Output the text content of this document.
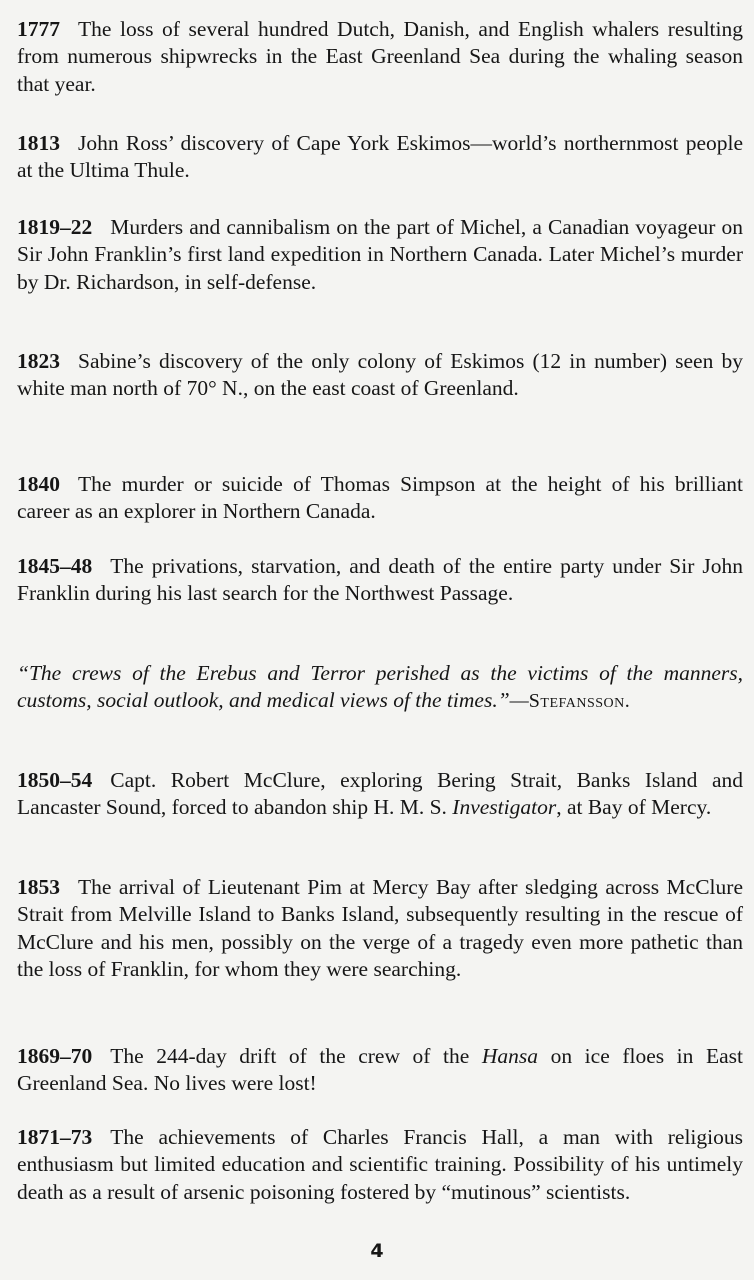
1777 The loss of several hundred Dutch, Danish, and English whalers resulting from numerous shipwrecks in the East Greenland Sea during the whaling season that year.

1813 John Ross’ discovery of Cape York Eskimos—world’s northernmost people at the Ultima Thule.

1819–22 Murders and cannibalism on the part of Michel, a Canadian voyageur on Sir John Franklin’s first land expedition in Northern Canada. Later Michel’s murder by Dr. Richardson, in self-defense.

1823 Sabine’s discovery of the only colony of Eskimos (12 in number) seen by white man north of 70° N., on the east coast of Greenland.

1840 The murder or suicide of Thomas Simpson at the height of his brilliant career as an explorer in Northern Canada.

1845–48 The privations, starvation, and death of the entire party under Sir John Franklin during his last search for the Northwest Passage.

“The crews of the Erebus and Terror perished as the victims of the manners, customs, social outlook, and medical views of the times.”—Stefansson.

1850–54 Capt. Robert McClure, exploring Bering Strait, Banks Island and Lancaster Sound, forced to abandon ship H. M. S. Investigator, at Bay of Mercy.

1853 The arrival of Lieutenant Pim at Mercy Bay after sledging across McClure Strait from Melville Island to Banks Island, subsequently resulting in the rescue of McClure and his men, possibly on the verge of a tragedy even more pathetic than the loss of Franklin, for whom they were searching.

1869–70 The 244-day drift of the crew of the Hansa on ice floes in East Greenland Sea. No lives were lost!

1871–73 The achievements of Charles Francis Hall, a man with religious enthusiasm but limited education and scientific training. Possibility of his untimely death as a result of arsenic poisoning fostered by “mutinous” scientists.

4
